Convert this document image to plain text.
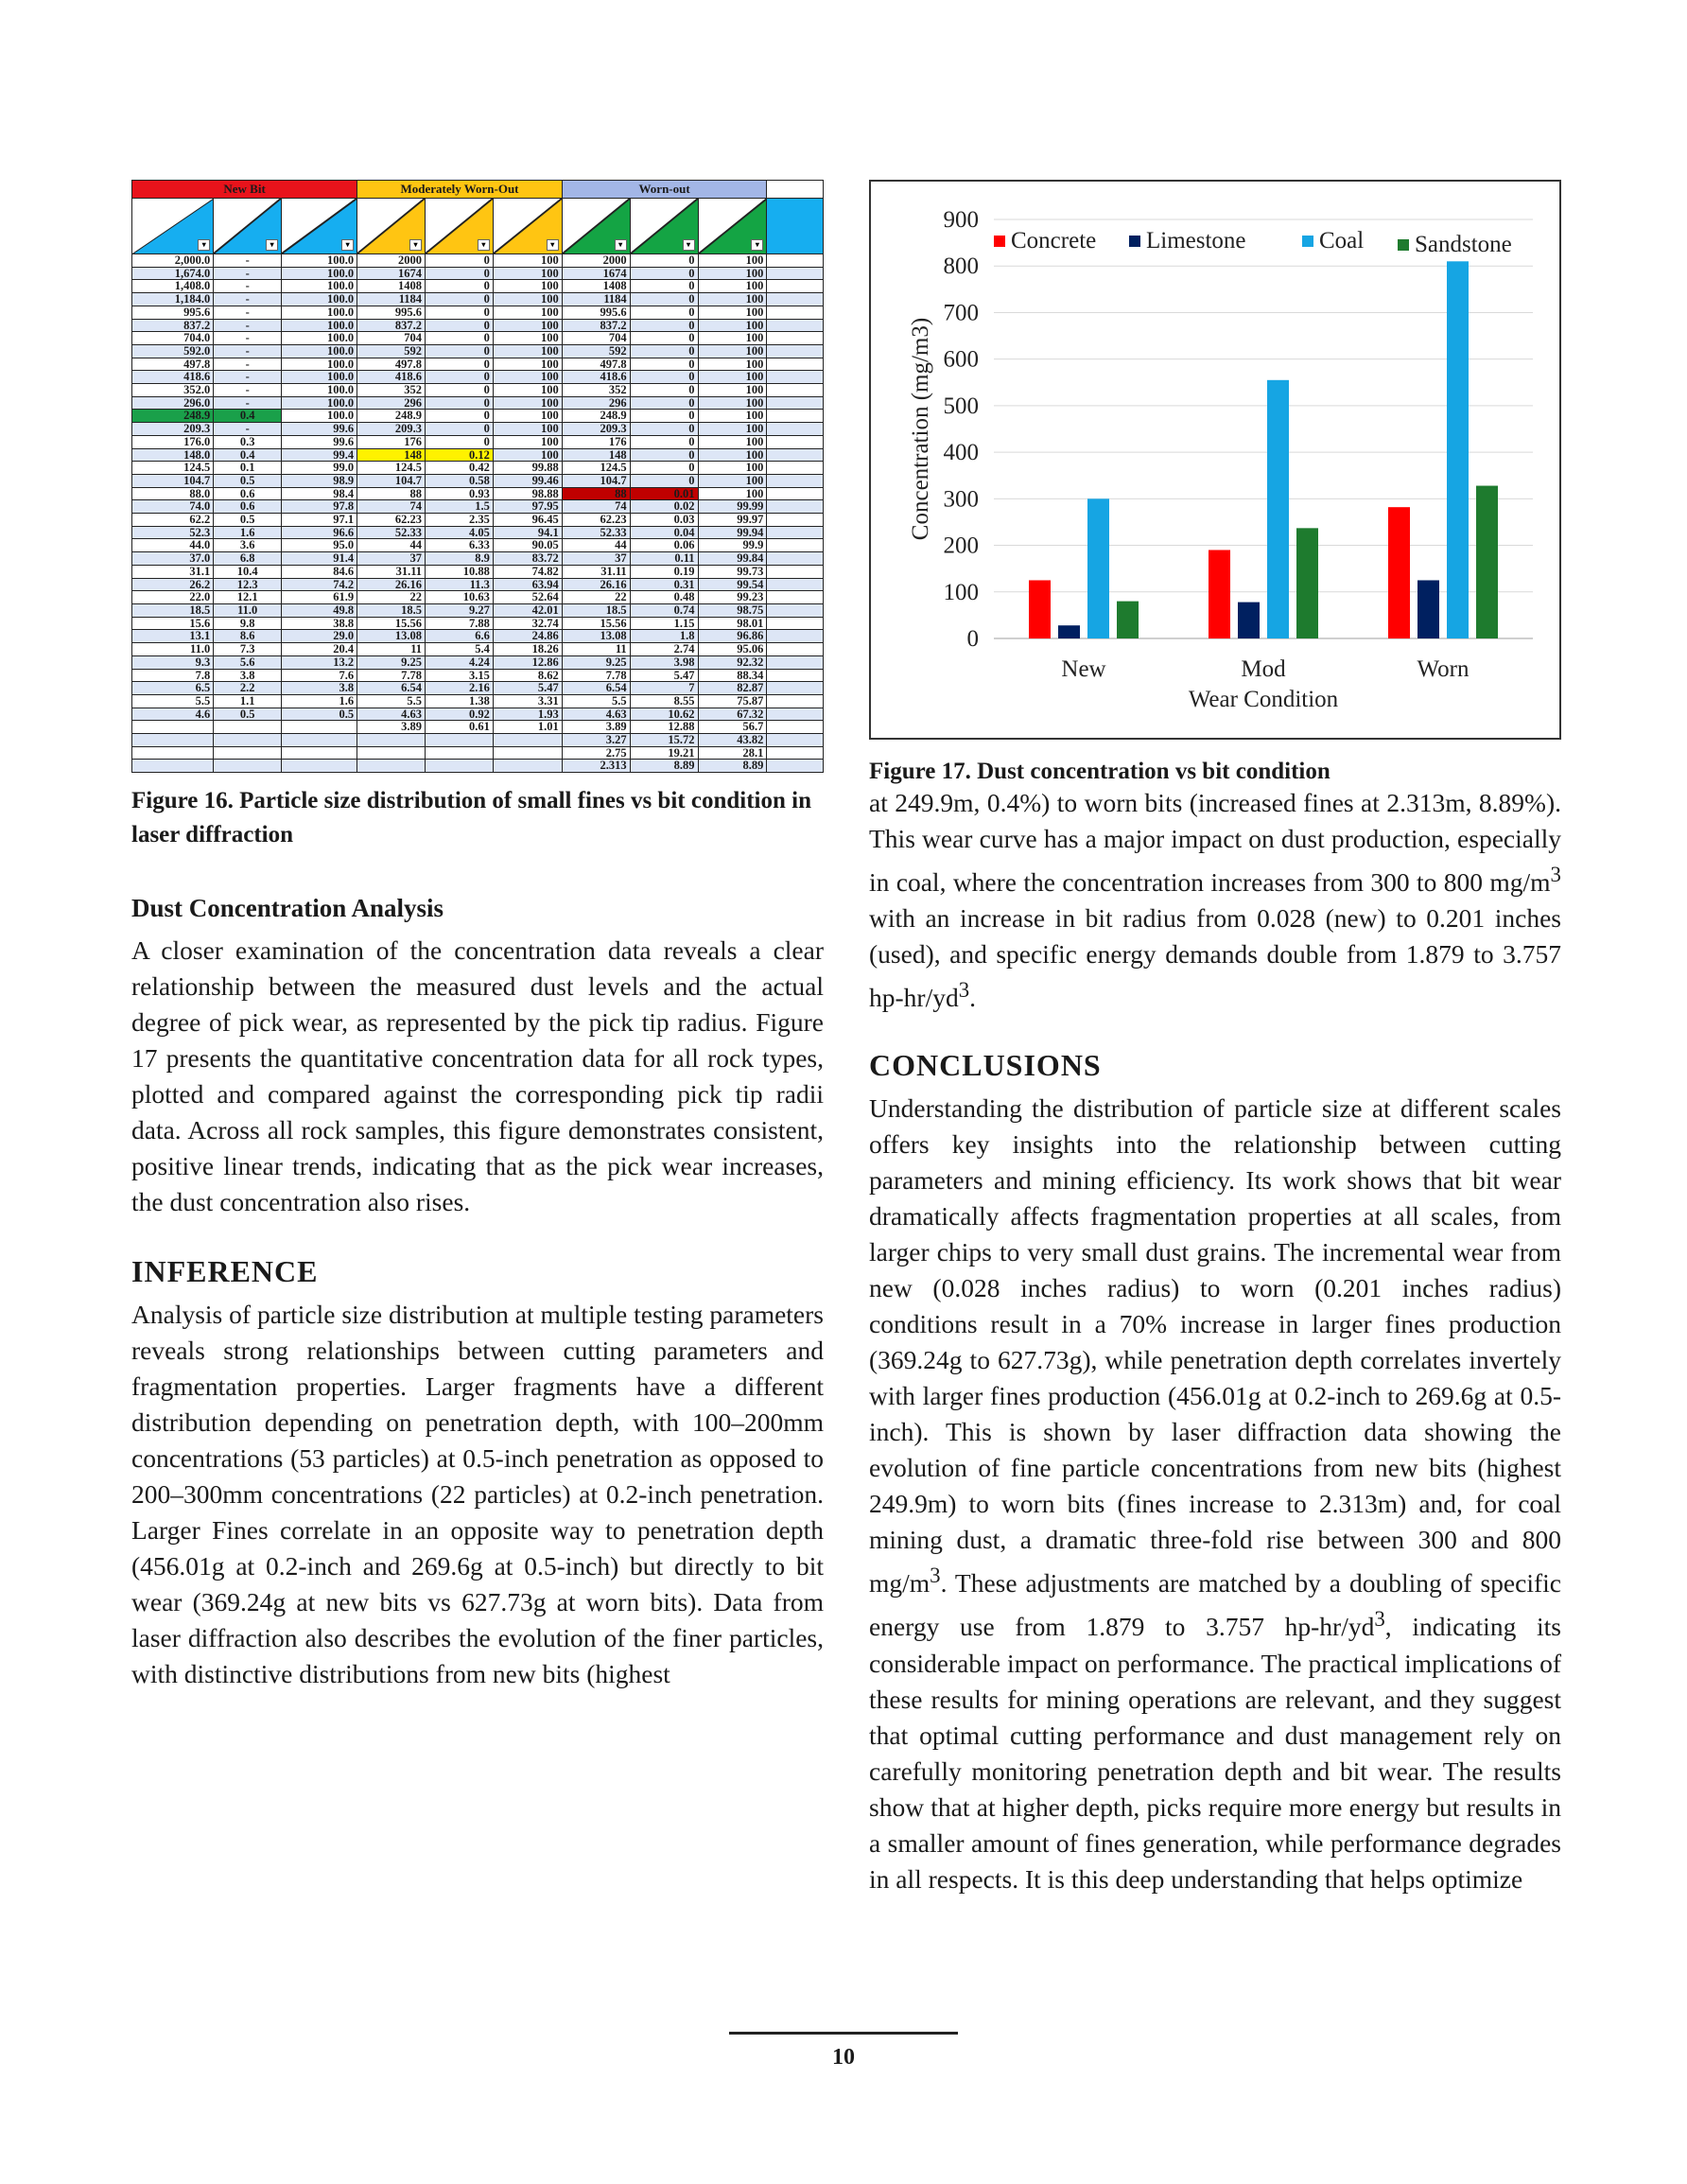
New Bit			Moderately Worn-Out			Worn-out			

▾	▾	▾	▾	▾	▾	▾	▾	▾	

2,000.0	-	100.0	2000	0	100	2000	0	100	
1,674.0	-	100.0	1674	0	100	1674	0	100	
1,408.0	-	100.0	1408	0	100	1408	0	100	
1,184.0	-	100.0	1184	0	100	1184	0	100	
995.6	-	100.0	995.6	0	100	995.6	0	100	
837.2	-	100.0	837.2	0	100	837.2	0	100	
704.0	-	100.0	704	0	100	704	0	100	
592.0	-	100.0	592	0	100	592	0	100	
497.8	-	100.0	497.8	0	100	497.8	0	100	
418.6	-	100.0	418.6	0	100	418.6	0	100	
352.0	-	100.0	352	0	100	352	0	100	
296.0	-	100.0	296	0	100	296	0	100	
248.9	0.4	100.0	248.9	0	100	248.9	0	100	
209.3	-	99.6	209.3	0	100	209.3	0	100	
176.0	0.3	99.6	176	0	100	176	0	100	
148.0	0.4	99.4	148	0.12	100	148	0	100	
124.5	0.1	99.0	124.5	0.42	99.88	124.5	0	100	
104.7	0.5	98.9	104.7	0.58	99.46	104.7	0	100	
88.0	0.6	98.4	88	0.93	98.88	88	0.01	100	
74.0	0.6	97.8	74	1.5	97.95	74	0.02	99.99	
62.2	0.5	97.1	62.23	2.35	96.45	62.23	0.03	99.97	
52.3	1.6	96.6	52.33	4.05	94.1	52.33	0.04	99.94	
44.0	3.6	95.0	44	6.33	90.05	44	0.06	99.9	
37.0	6.8	91.4	37	8.9	83.72	37	0.11	99.84	
31.1	10.4	84.6	31.11	10.88	74.82	31.11	0.19	99.73	
26.2	12.3	74.2	26.16	11.3	63.94	26.16	0.31	99.54	
22.0	12.1	61.9	22	10.63	52.64	22	0.48	99.23	
18.5	11.0	49.8	18.5	9.27	42.01	18.5	0.74	98.75	
15.6	9.8	38.8	15.56	7.88	32.74	15.56	1.15	98.01	
13.1	8.6	29.0	13.08	6.6	24.86	13.08	1.8	96.86	
11.0	7.3	20.4	11	5.4	18.26	11	2.74	95.06	
9.3	5.6	13.2	9.25	4.24	12.86	9.25	3.98	92.32	
7.8	3.8	7.6	7.78	3.15	8.62	7.78	5.47	88.34	
6.5	2.2	3.8	6.54	2.16	5.47	6.54	7	82.87	
5.5	1.1	1.6	5.5	1.38	3.31	5.5	8.55	75.87	
4.6	0.5	0.5	4.63	0.92	1.93	4.63	10.62	67.32	
			3.89	0.61	1.01	3.89	12.88	56.7	
						3.27	15.72	43.82	
						2.75	19.21	28.1	
						2.313	8.89	8.89	
Figure 16. Particle size distribution of small fines vs bit condition in laser diffraction
Dust Concentration Analysis

A closer examination of the concentration data reveals a clear relationship between the measured dust levels and the actual degree of pick wear, as represented by the pick tip radius. Figure 17 presents the quantitative concentration data for all rock types, plotted and compared against the corresponding pick tip radii data. Across all rock samples, this figure demonstrates consistent, positive linear trends, indicating that as the pick wear increases, the dust concentration also rises.

INFERENCE

Analysis of particle size distribution at multiple testing parameters reveals strong relationships between cutting parameters and fragmentation properties. Larger fragments have a different distribution depending on penetration depth, with 100–200mm concentrations (53 particles) at 0.5-inch penetration as opposed to 200–300mm concentrations (22 particles) at 0.2-inch penetration. Larger Fines correlate in an opposite way to penetration depth (456.01g at 0.2-inch and 269.6g at 0.5-inch) but directly to bit wear (369.24g at new bits vs 627.73g at worn bits). Data from laser diffraction also describes the evolution of the finer particles, with distinctive distributions from new bits (highest

0
100
200
300
400
500
600
700
800
900
New	Mod	Worn
Wear Condition
Concentration (mg/m3)
Concrete Limestone	Coal Sandstone
Figure 17. Dust concentration vs bit condition

at 249.9m, 0.4%) to worn bits (increased fines at 2.313m, 8.89%). This wear curve has a major impact on dust production, especially in coal, where the concentration increases from 300 to 800 $mg/m^3$ with an increase in bit radius from 0.028 (new) to 0.201 inches (used), and specific energy demands double from 1.879 to 3.757 $hp-hr/yd^3$.

CONCLUSIONS

Understanding the distribution of particle size at different scales offers key insights into the relationship between cutting parameters and mining efficiency. Its work shows that bit wear dramatically affects fragmentation properties at all scales, from larger chips to very small dust grains. The incremental wear from new (0.028 inches radius) to worn (0.201 inches radius) conditions result in a 70% increase in larger fines production (369.24g to 627.73g), while penetration depth correlates invertely with larger fines production (456.01g at 0.2-inch to 269.6g at 0.5-inch). This is shown by laser diffraction data showing the evolution of fine particle concentrations from new bits (highest 249.9m) to worn bits (fines increase to 2.313m) and, for coal mining dust, a dramatic three-fold rise between 300 and 800 $mg/m^3$. These adjustments are matched by a doubling of specific energy use from 1.879 to 3.757 $hp-hr/yd^3$, indicating its considerable impact on performance. The practical implications of these results for mining operations are relevant, and they suggest that optimal cutting performance and dust management rely on carefully monitoring penetration depth and bit wear. The results show that at higher depth, picks require more energy but results in a smaller amount of fines generation, while performance degrades in all respects. It is this deep understanding that helps optimize

10
